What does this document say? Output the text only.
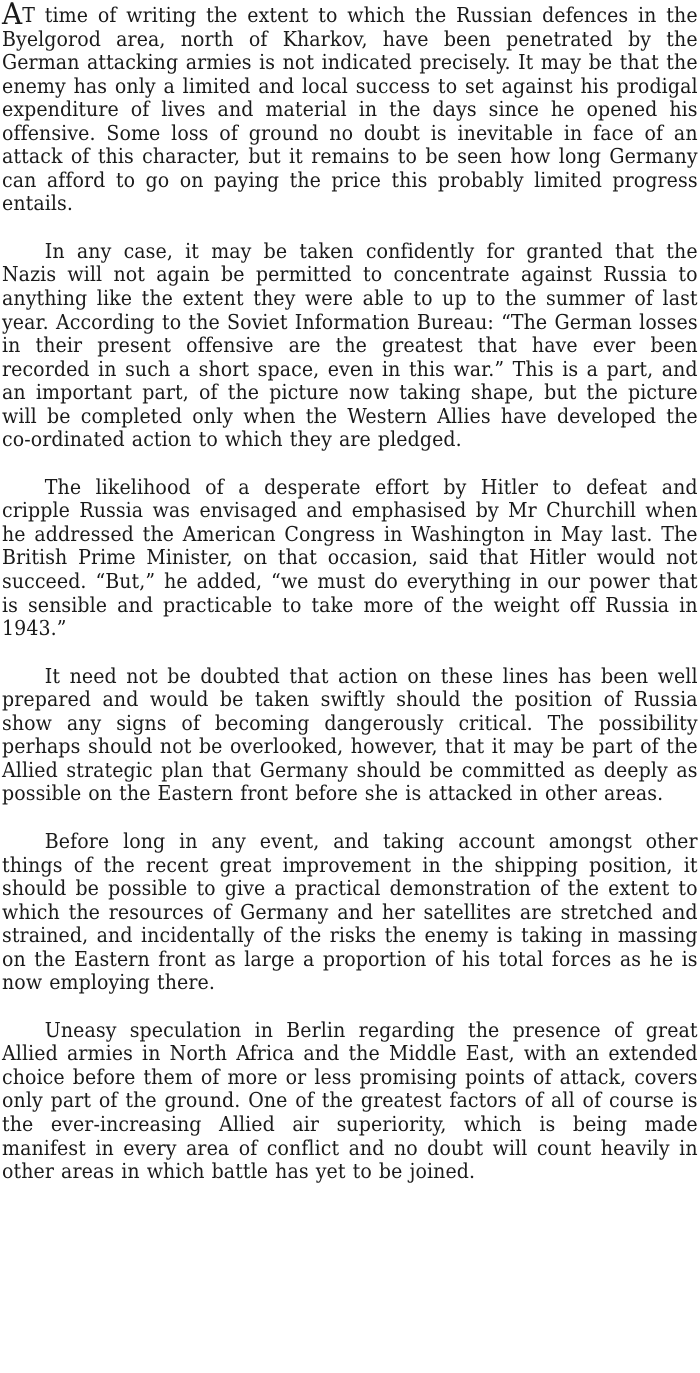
AT time of writing the extent to which the Russian defences in the Byelgorod area, north of Kharkov, have been penetrated by the German attacking armies is not indicated precisely. It may be that the enemy has only a limited and local success to set against his prodigal expenditure of lives and material in the days since he opened his offensive. Some loss of ground no doubt is inevitable in face of an attack of this character, but it remains to be seen how long Germany can afford to go on paying the price this probably limited progress entails.

In any case, it may be taken confidently for granted that the Nazis will not again be permitted to concentrate against Russia to anything like the extent they were able to up to the summer of last year. According to the Soviet Information Bureau: “The German losses in their present offensive are the greatest that have ever been recorded in such a short space, even in this war.” This is a part, and an important part, of the picture now taking shape, but the picture will be completed only when the Western Allies have developed the co-ordinated action to which they are pledged.

The likelihood of a desperate effort by Hitler to defeat and cripple Russia was envisaged and emphasised by Mr Churchill when he addressed the American Congress in Washington in May last. The British Prime Minister, on that occasion, said that Hitler would not succeed. “But,” he added, “we must do everything in our power that is sensible and practicable to take more of the weight off Russia in 1943.”

It need not be doubted that action on these lines has been well prepared and would be taken swiftly should the position of Russia show any signs of becoming dangerously critical. The possibility perhaps should not be overlooked, however, that it may be part of the Allied strategic plan that Germany should be committed as deeply as possible on the Eastern front before she is attacked in other areas.

Before long in any event, and taking account amongst other things of the recent great improvement in the shipping position, it should be possible to give a practical demonstration of the extent to which the resources of Germany and her satellites are stretched and strained, and incidentally of the risks the enemy is taking in massing on the Eastern front as large a proportion of his total forces as he is now employing there.

Uneasy speculation in Berlin regarding the presence of great Allied armies in North Africa and the Middle East, with an extended choice before them of more or less promising points of attack, covers only part of the ground. One of the greatest factors of all of course is the ever-increasing Allied air superiority, which is being made manifest in every area of conflict and no doubt will count heavily in other areas in which battle has yet to be joined.
